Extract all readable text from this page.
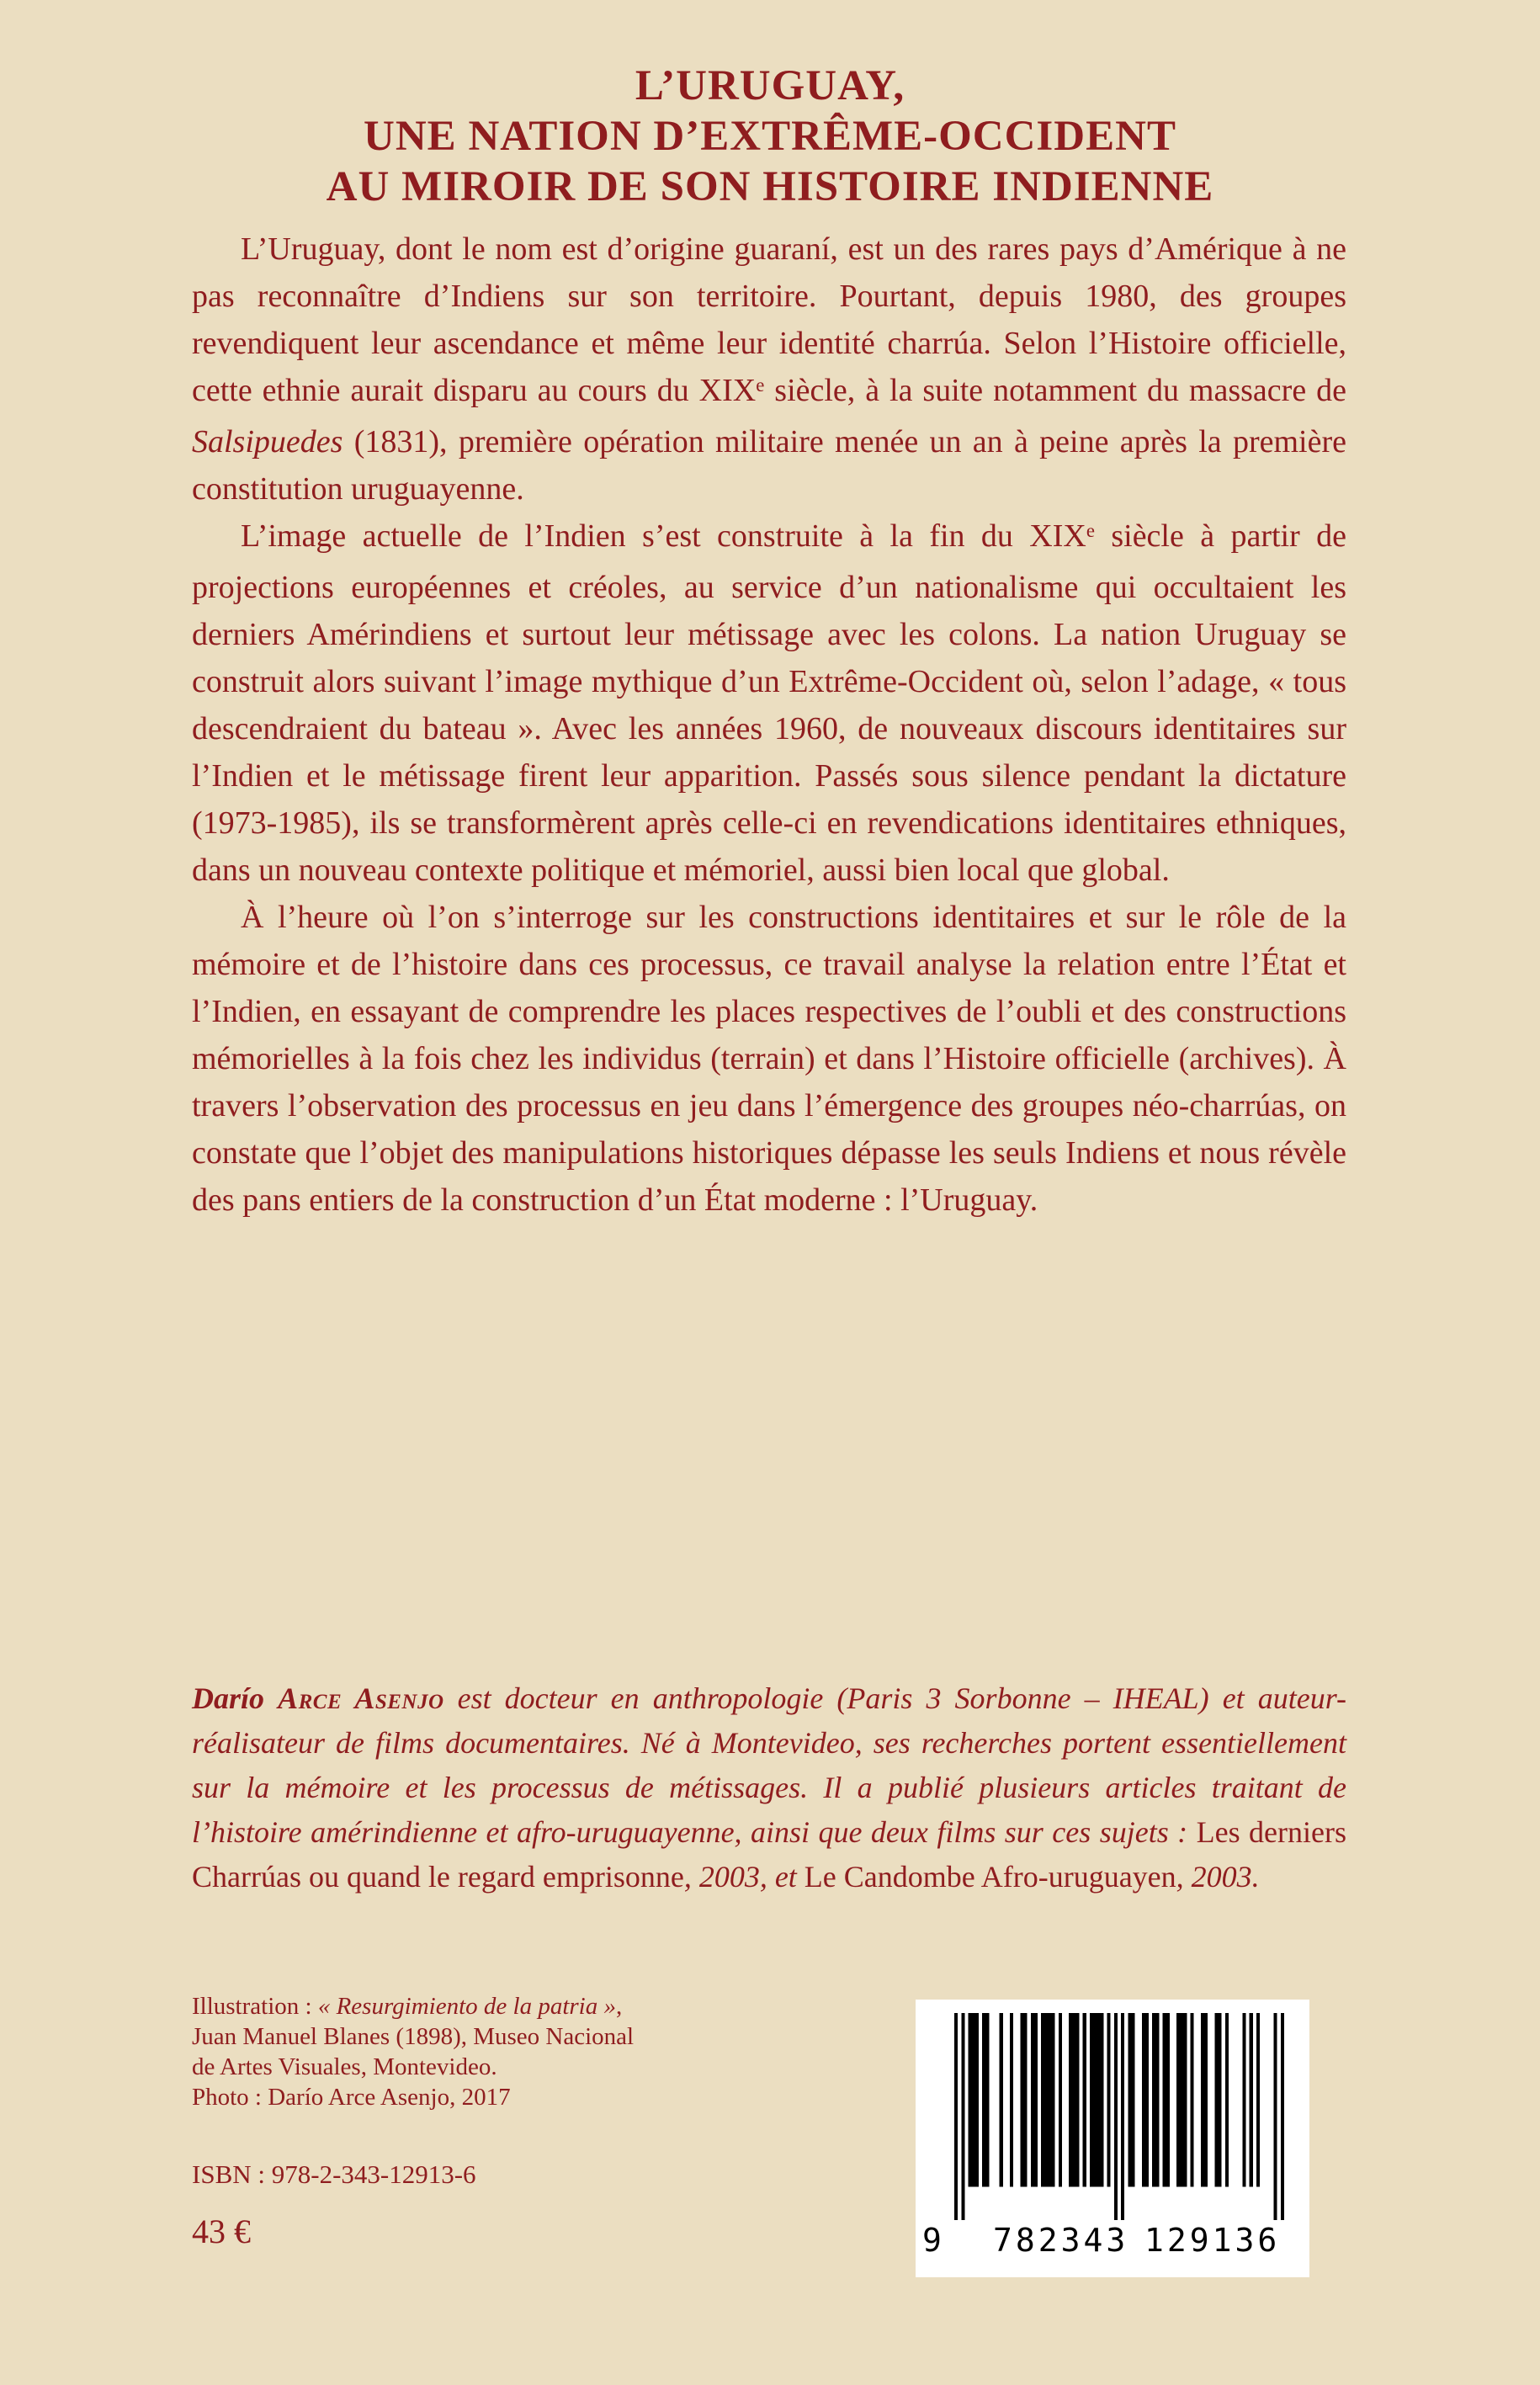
L’URUGUAY,
UNE NATION D’EXTRÊME-OCCIDENT
AU MIROIR DE SON HISTOIRE INDIENNE

L’Uruguay, dont le nom est d’origine guaraní, est un des rares pays d’Amérique à ne pas reconnaître d’Indiens sur son territoire. Pourtant, depuis 1980, des groupes revendiquent leur ascendance et même leur identité charrúa. Selon l’Histoire officielle, cette ethnie aurait disparu au cours du XIXe siècle, à la suite notamment du massacre de Salsipuedes (1831), première opération militaire menée un an à peine après la première constitution uruguayenne.

L’image actuelle de l’Indien s’est construite à la fin du XIXe siècle à partir de projections européennes et créoles, au service d’un nationalisme qui occultaient les derniers Amérindiens et surtout leur métissage avec les colons. La nation Uruguay se construit alors suivant l’image mythique d’un Extrême-Occident où, selon l’adage, « tous descendraient du bateau ». Avec les années 1960, de nouveaux discours identitaires sur l’Indien et le métissage firent leur apparition. Passés sous silence pendant la dictature (1973-1985), ils se transformèrent après celle-ci en revendications identitaires ethniques, dans un nouveau contexte politique et mémoriel, aussi bien local que global.

À l’heure où l’on s’interroge sur les constructions identitaires et sur le rôle de la mémoire et de l’histoire dans ces processus, ce travail analyse la relation entre l’État et l’Indien, en essayant de comprendre les places respectives de l’oubli et des constructions mémorielles à la fois chez les individus (terrain) et dans l’Histoire officielle (archives). À travers l’observation des processus en jeu dans l’émergence des groupes néo-charrúas, on constate que l’objet des manipulations historiques dépasse les seuls Indiens et nous révèle des pans entiers de la construction d’un État moderne : l’Uruguay.

Darío Arce Asenjo est docteur en anthropologie (Paris 3 Sorbonne – IHEAL) et auteur-réalisateur de films documentaires. Né à Montevideo, ses recherches portent essentiellement sur la mémoire et les processus de métissages. Il a publié plusieurs articles traitant de l’histoire amérindienne et afro-uruguayenne, ainsi que deux films sur ces sujets : Les derniers Charrúas ou quand le regard emprisonne, 2003, et Le Candombe Afro-uruguayen, 2003.

Illustration : « Resurgimiento de la patria »,
Juan Manuel Blanes (1898), Museo Nacional
de Artes Visuales, Montevideo.
Photo : Darío Arce Asenjo, 2017
ISBN : 978-2-343-12913-6
43 €	9 782343 129136
